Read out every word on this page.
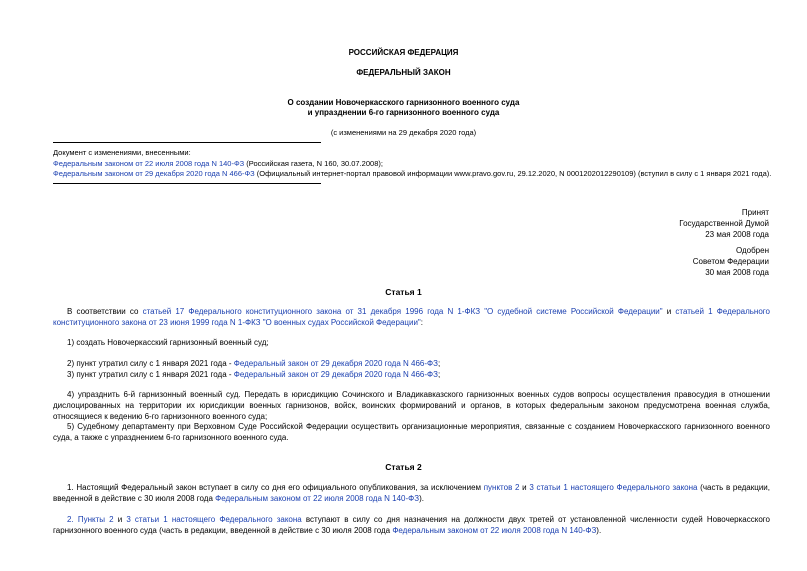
РОССИЙСКАЯ ФЕДЕРАЦИЯ
ФЕДЕРАЛЬНЫЙ ЗАКОН
О создании Новочеркасского гарнизонного военного суда
и упразднении 6-го гарнизонного военного суда
(с изменениями на 29 декабря 2020 года)
Документ с изменениями, внесенными:
Федеральным законом от 22 июля 2008 года N 140-ФЗ (Российская газета, N 160, 30.07.2008);
Федеральным законом от 29 декабря 2020 года N 466-ФЗ (Официальный интернет-портал правовой информации www.pravo.gov.ru, 29.12.2020, N 0001202012290109) (вступил в силу с 1 января 2021 года).
Принят
Государственной Думой
23 мая 2008 года
Одобрен
Советом Федерации
30 мая 2008 года
Статья 1
В соответствии со статьей 17 Федерального конституционного закона от 31 декабря 1996 года N 1-ФКЗ "О судебной системе Российской Федерации" и статьей 1 Федерального конституционного закона от 23 июня 1999 года N 1-ФКЗ "О военных судах Российской Федерации":
1) создать Новочеркасский гарнизонный военный суд;
2) пункт утратил силу с 1 января 2021 года - Федеральный закон от 29 декабря 2020 года N 466-ФЗ;
3) пункт утратил силу с 1 января 2021 года - Федеральный закон от 29 декабря 2020 года N 466-ФЗ;
4) упразднить 6-й гарнизонный военный суд. Передать в юрисдикцию Сочинского и Владикавказского гарнизонных военных судов вопросы осуществления правосудия в отношении дислоцированных на территории их юрисдикции военных гарнизонов, войск, воинских формирований и органов, в которых федеральным законом предусмотрена военная служба, относящиеся к ведению 6-го гарнизонного военного суда;
5) Судебному департаменту при Верховном Суде Российской Федерации осуществить организационные мероприятия, связанные с созданием Новочеркасского гарнизонного военного суда, а также с упразднением 6-го гарнизонного военного суда.
Статья 2
1. Настоящий Федеральный закон вступает в силу со дня его официального опубликования, за исключением пунктов 2 и 3 статьи 1 настоящего Федерального закона (часть в редакции, введенной в действие с 30 июля 2008 года Федеральным законом от 22 июля 2008 года N 140-ФЗ).
2. Пункты 2 и 3 статьи 1 настоящего Федерального закона вступают в силу со дня назначения на должности двух третей от установленной численности судей Новочеркасского гарнизонного военного суда (часть в редакции, введенной в действие с 30 июля 2008 года Федеральным законом от 22 июля 2008 года N 140-ФЗ).
